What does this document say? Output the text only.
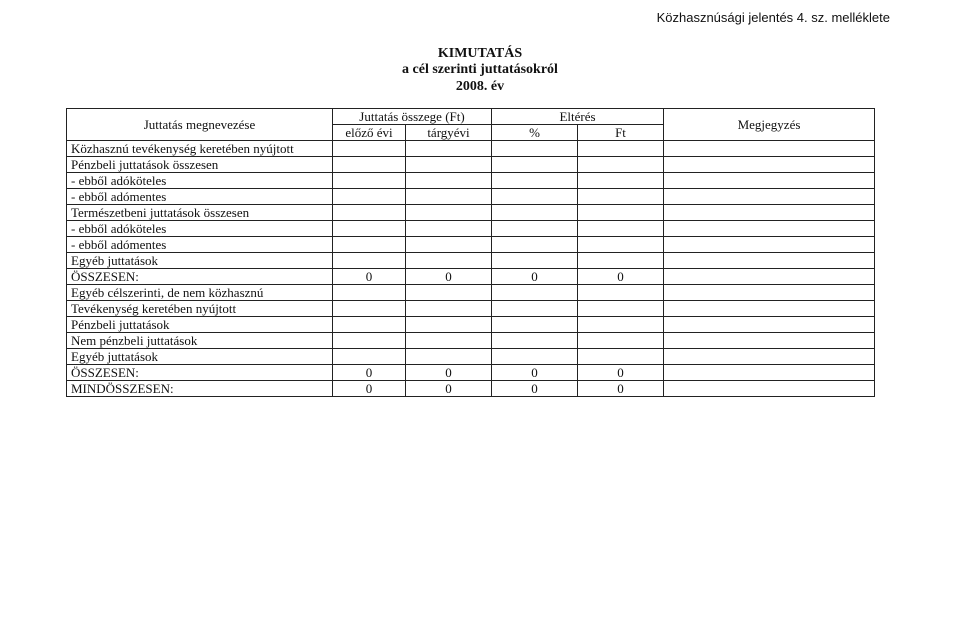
Közhasznúsági jelentés 4. sz. melléklete
KIMUTATÁS
a cél szerinti juttatásokról
2008. év
Juttatás megnevezése	Juttatás összege (Ft)		Eltérés		Megjegyzés
	előző évi	tárgyévi	%	Ft	
Közhasznú tevékenység keretében nyújtott					
Pénzbeli juttatások összesen					
- ebből adóköteles					
- ebből adómentes					
Természetbeni juttatások összesen					
- ebből adóköteles					
- ebből adómentes					
Egyéb juttatások					
ÖSSZESEN:	0	0	0	0	
Egyéb célszerinti, de nem közhasznú					
Tevékenység keretében nyújtott					
Pénzbeli juttatások					
Nem pénzbeli juttatások					
Egyéb juttatások					
ÖSSZESEN:	0	0	0	0	
MINDÖSSZESEN:	0	0	0	0	
